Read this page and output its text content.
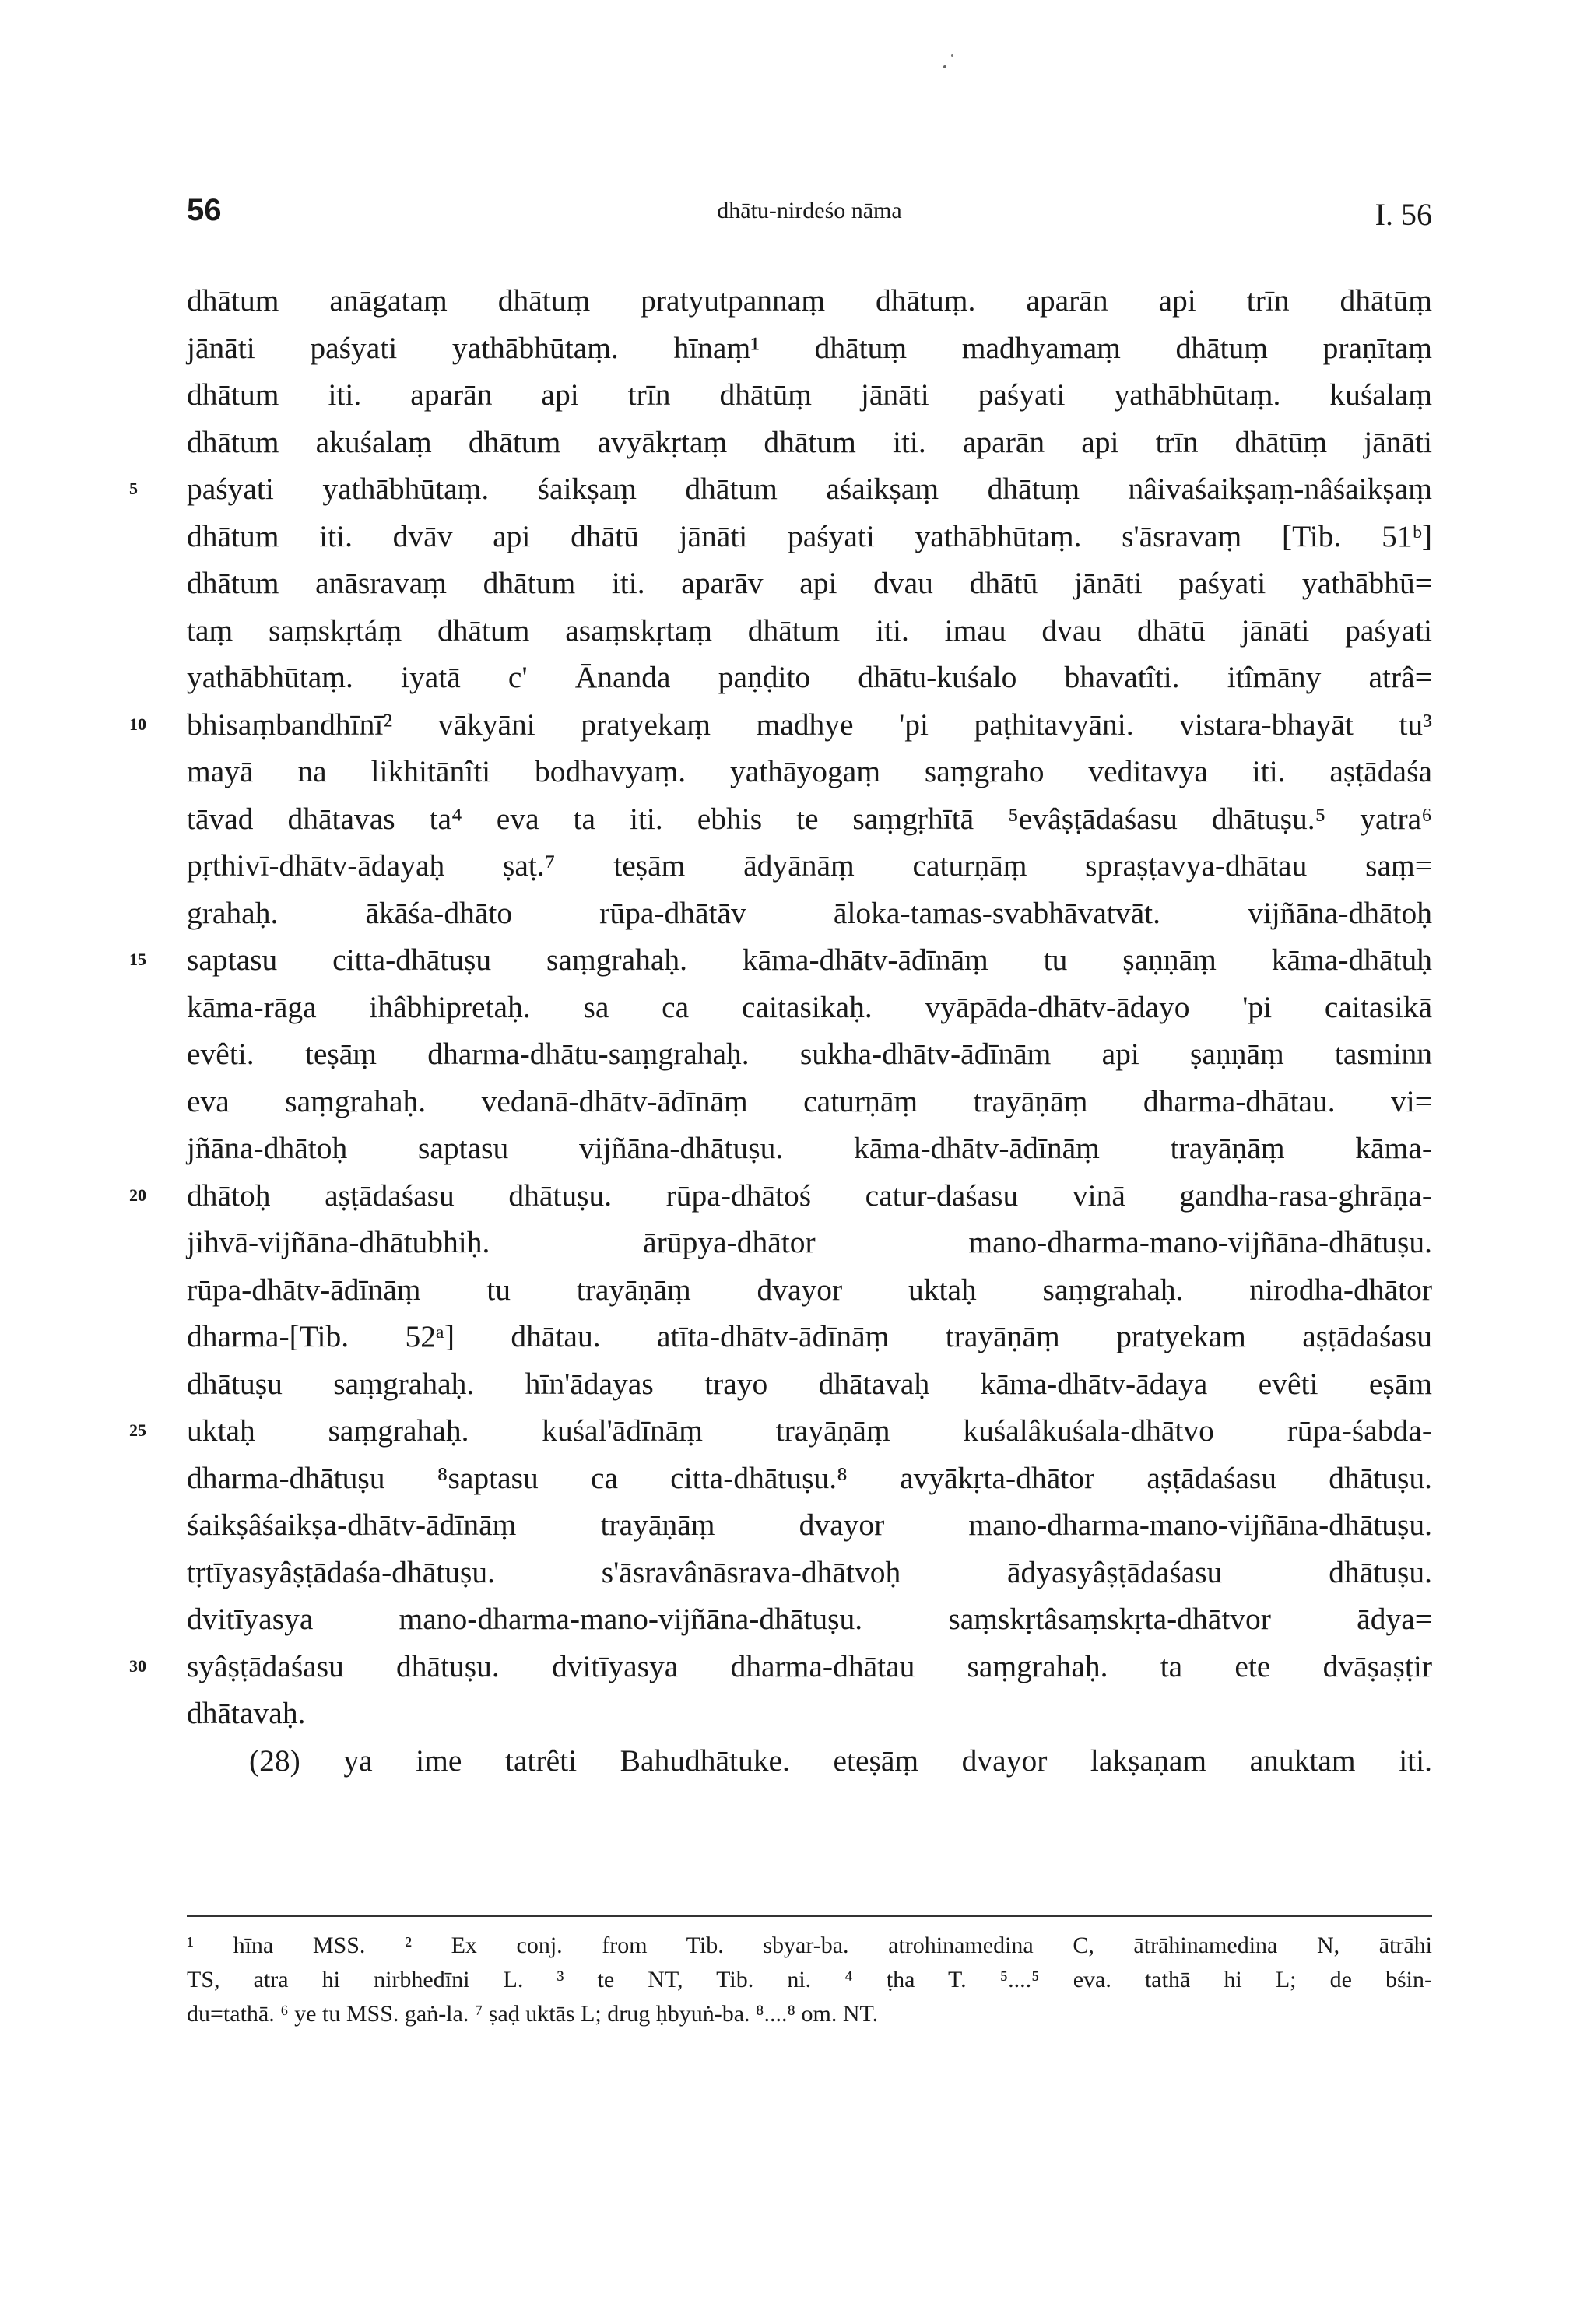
56	dhātu-nirdeśo nāma	I. 56
dhātum anāgataṃ dhātuṃ pratyutpannaṃ dhātuṃ. aparān api trīn dhātūṃ
jānāti paśyati yathābhūtaṃ. hīnaṃ¹ dhātuṃ madhyamaṃ dhātuṃ praṇītaṃ
dhātum iti. aparān api trīn dhātūṃ jānāti paśyati yathābhūtaṃ. kuśalaṃ
dhātum akuśalaṃ dhātum avyākṛtaṃ dhātum iti. aparān api trīn dhātūṃ jānāti
5 paśyati yathābhūtaṃ. śaikṣaṃ dhātum aśaikṣaṃ dhātuṃ nâivaśaikṣaṃ-nâśaikṣaṃ
dhātum iti. dvāv api dhātū jānāti paśyati yathābhūtaṃ. s'āsravaṃ [Tib. 51ᵇ]
dhātum anāsravaṃ dhātum iti. aparāv api dvau dhātū jānāti paśyati yathābhū=
taṃ saṃskṛtáṃ dhātum asaṃskṛtaṃ dhātum iti. imau dvau dhātū jānāti paśyati
yathābhūtaṃ. iyatā c' Ānanda paṇḍito dhātu-kuśalo bhavatîti. itîmāny atrâ=
10 bhisaṃbandhīnī² vākyāni pratyekaṃ madhye 'pi paṭhitavyāni. vistara-bhayāt tu³
mayā na likhitānîti bodhavyaṃ. yathāyogaṃ saṃgraho veditavya iti. aṣṭādaśa
tāvad dhātavas ta⁴ eva ta iti. ebhis te saṃgṛhītā ⁵evâṣṭādaśasu dhātuṣu.⁵ yatra⁶
pṛthivī-dhātv-ādayaḥ ṣaṭ.⁷ teṣām ādyānāṃ caturṇāṃ spraṣṭavya-dhātau saṃ=
grahaḥ. ākāśa-dhāto rūpa-dhātāv āloka-tamas-svabhāvatvāt. vijñāna-dhātoḥ
15 saptasu citta-dhātuṣu saṃgrahaḥ. kāma-dhātv-ādīnāṃ tu ṣaṇṇāṃ kāma-dhātuḥ
kāma-rāga ihâbhipretaḥ. sa ca caitasikaḥ. vyāpāda-dhātv-ādayo 'pi caitasikā
evêti. teṣāṃ dharma-dhātu-saṃgrahaḥ. sukha-dhātv-ādīnām api ṣaṇṇāṃ tasminn
eva saṃgrahaḥ. vedanā-dhātv-ādīnāṃ caturṇāṃ trayāṇāṃ dharma-dhātau. vi=
jñāna-dhātoḥ saptasu vijñāna-dhātuṣu. kāma-dhātv-ādīnāṃ trayāṇāṃ kāma-
20 dhātoḥ aṣṭādaśasu dhātuṣu. rūpa-dhātoś catur-daśasu vinā gandha-rasa-ghrāṇa-
jihvā-vijñāna-dhātubhiḥ. ārūpya-dhātor mano-dharma-mano-vijñāna-dhātuṣu.
rūpa-dhātv-ādīnāṃ tu trayāṇāṃ dvayor uktaḥ saṃgrahaḥ. nirodha-dhātor
dharma-[Tib. 52ᵃ] dhātau. atīta-dhātv-ādīnāṃ trayāṇāṃ pratyekam aṣṭādaśasu
dhātuṣu saṃgrahaḥ. hīn'ādayas trayo dhātavaḥ kāma-dhātv-ādaya evêti eṣām
25 uktaḥ saṃgrahaḥ. kuśal'ādīnāṃ trayāṇāṃ kuśalâkuśala-dhātvo rūpa-śabda-
dharma-dhātuṣu ⁸saptasu ca citta-dhātuṣu.⁸ avyākṛta-dhātor aṣṭādaśasu dhātuṣu.
śaikṣâśaikṣa-dhātv-ādīnāṃ trayāṇāṃ dvayor mano-dharma-mano-vijñāna-dhātuṣu.
tṛtīyasyâṣṭādaśa-dhātuṣu. s'āsravânāsrava-dhātvoḥ ādyasyâṣṭādaśasu dhātuṣu.
dvitīyasya mano-dharma-mano-vijñāna-dhātuṣu. saṃskṛtâsaṃskṛta-dhātvor ādya=
30 syâṣṭādaśasu dhātuṣu. dvitīyasya dharma-dhātau saṃgrahaḥ. ta ete dvāṣaṣṭir
dhātavaḥ.
(28) ya ime tatrêti Bahudhātuke. eteṣāṃ dvayor lakṣaṇam anuktam iti.
¹ hīna MSS. ² Ex conj. from Tib. sbyar-ba. atrohinamedina C, ātrāhinamedina N, ātrāhi
TS, atra hi nirbhedīni L. ³ te NT, Tib. ni. ⁴ ṭha T. ⁵....⁵ eva. tathā hi L; de bśin-
du=tathā. ⁶ ye tu MSS. gaṅ-la. ⁷ ṣaḍ uktās L; drug ḥbyuṅ-ba. ⁸....⁸ om. NT.
